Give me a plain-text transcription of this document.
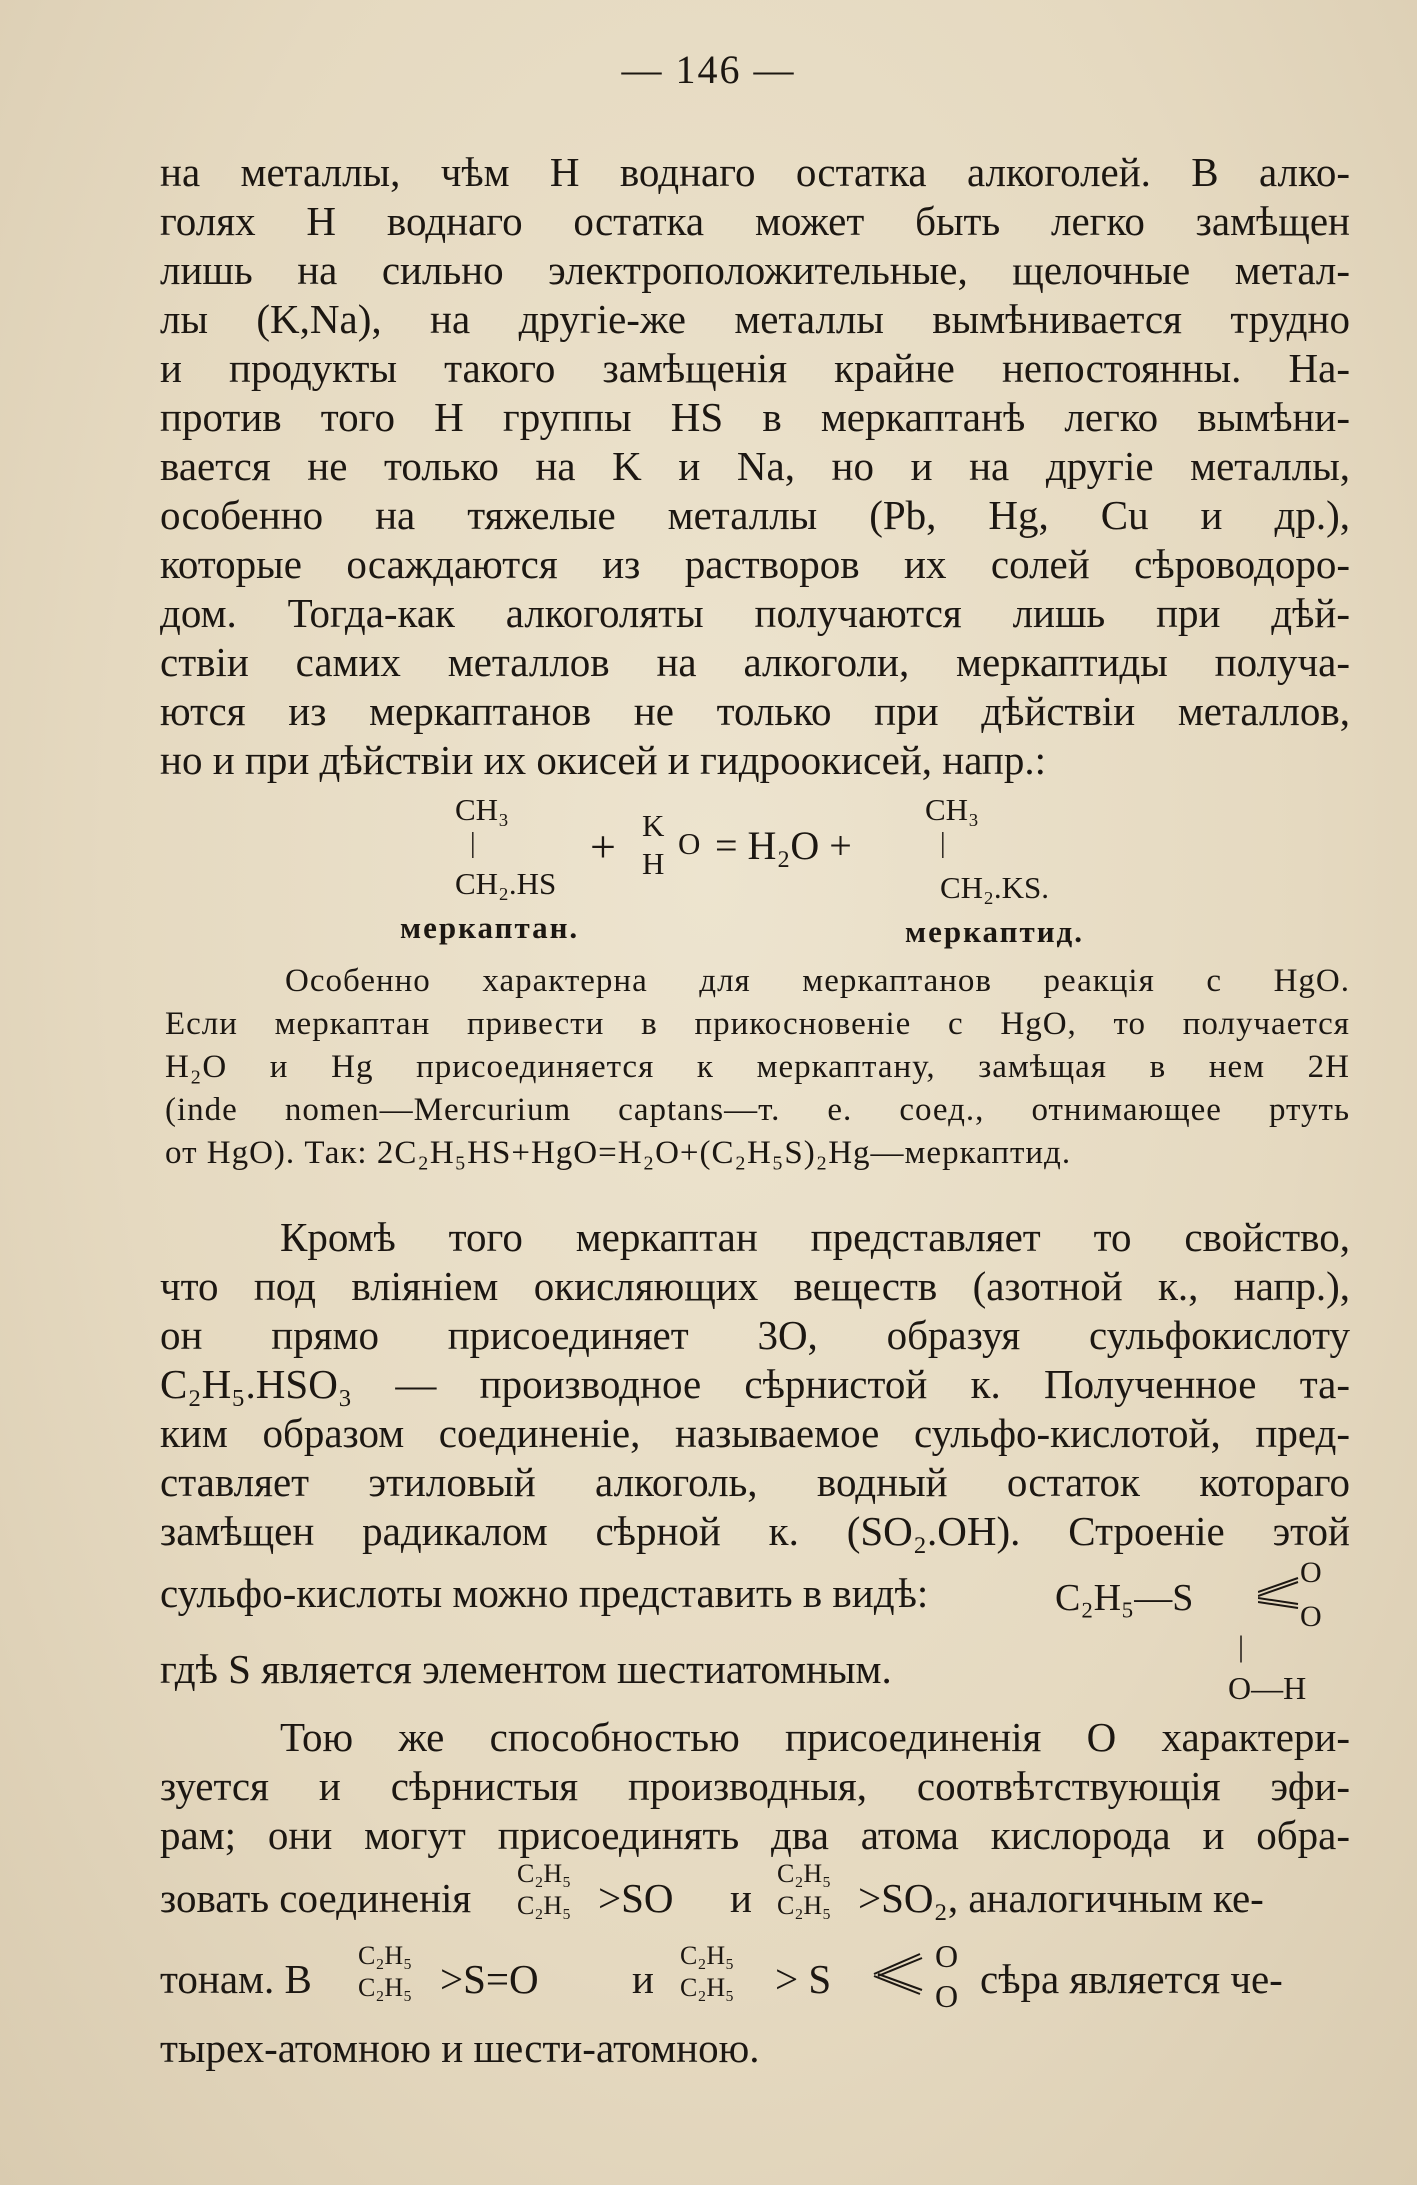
— 146 —
на металлы, чѣм H воднаго остатка алкоголей. В алко-
голях H воднаго остатка может быть легко замѣщен
лишь на сильно электроположительные, щелочные метал-
лы (K,Na), на другіе-же металлы вымѣнивается трудно
и продукты такого замѣщенія крайне непостоянны. На-
против того H группы HS в меркаптанѣ легко вымѣни-
вается не только на K и Na, но и на другіе металлы,
особенно на тяжелые металлы (Pb, Hg, Cu и др.),
которые осаждаются из растворов их солей сѣроводоро-
дом. Тогда-как алкоголяты получаются лишь при дѣй-
ствіи самих металлов на алкоголи, меркаптиды получа-
ются из меркаптанов не только при дѣйствіи металлов,
но и при дѣйствіи их окисей и гидроокисей, напр.:
CH₃
|
CH₂.HS
меркаптан.
+ K
H
O = H₂O +
CH₃
|
CH₂.KS.
меркаптид.
Особенно характерна для меркаптанов реакція с HgO.
Если меркаптан привести в прикосновеніе с HgO, то получается
H₂O и Hg присоединяется к меркаптану, замѣщая в нем 2H
(inde nomen—Mercurium captans—т. е. соед., отнимающее ртуть
от HgO). Так: 2C₂H₅HS+HgO=H₂O+(C₂H₅S)₂Hg—меркаптид.
Кромѣ того меркаптан представляет то свойство,
что под вліяніем окисляющих веществ (азотной к., напр.),
он прямо присоединяет 3O, образуя сульфокислоту
C₂H₅.HSO₃ — производное сѣрнистой к. Полученное та-
ким образом соединеніе, называемое сульфо-кислотой, пред-
ставляет этиловый алкоголь, водный остаток котораго
замѣщен радикалом сѣрной к. (SO₂.OH). Строеніе этой
сульфо-кислоты можно представить в видѣ:	C₂H₅—S
O
O
|
O—H
гдѣ S является элементом шестиатомным.
Тою же способностью присоединенія O характери-
зуется и сѣрнистыя производныя, соотвѣтствующія эфи-
рам; они могут присоединять два атома кислорода и обра-
зовать соединенія
C₂H₅
C₂H₅ >SO и
C₂H₅
C₂H₅ >SO₂, аналогичным ке-
тонам. В
C₂H₅
C₂H₅ >S=O и
C₂H₅
C₂H₅ > S	O
O сѣра является че-
тырех-атомною и шести-атомною.
